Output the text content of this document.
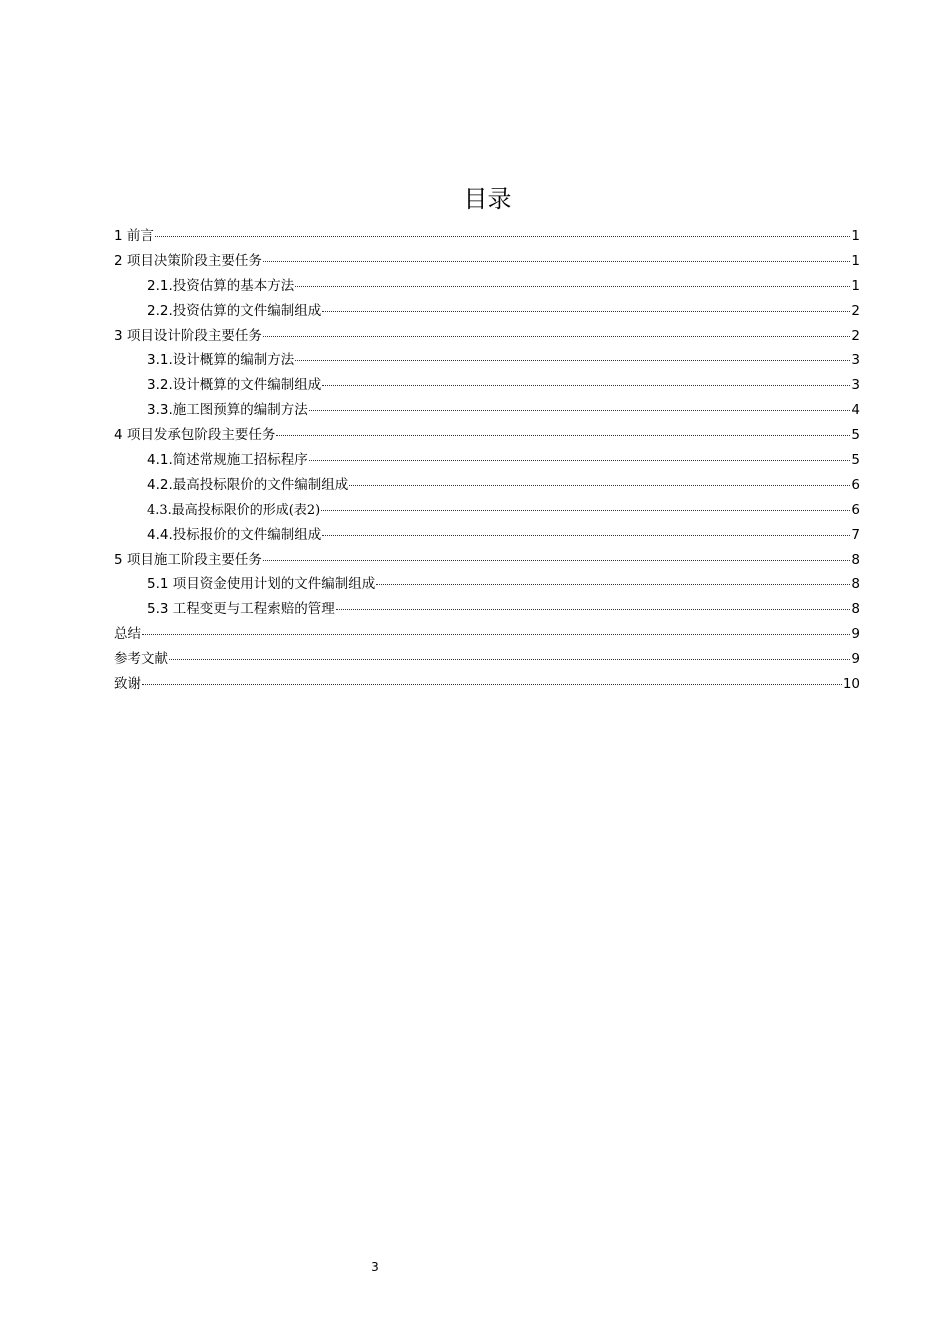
目录
1 前言	1
2 项目决策阶段主要任务	1
2.1.投资估算的基本方法	1
2.2.投资估算的文件编制组成	2
3 项目设计阶段主要任务	2
3.1.设计概算的编制方法	3
3.2.设计概算的文件编制组成	3
3.3.施工图预算的编制方法	4
4 项目发承包阶段主要任务	5
4.1.简述常规施工招标程序	5
4.2.最高投标限价的文件编制组成	6
4.3.最高投标限价的形成(表2)	6
4.4.投标报价的文件编制组成	7
5 项目施工阶段主要任务	8
5.1 项目资金使用计划的文件编制组成	8
5.3 工程变更与工程索赔的管理	8
总结	9
参考文献	9
致谢	10
3
